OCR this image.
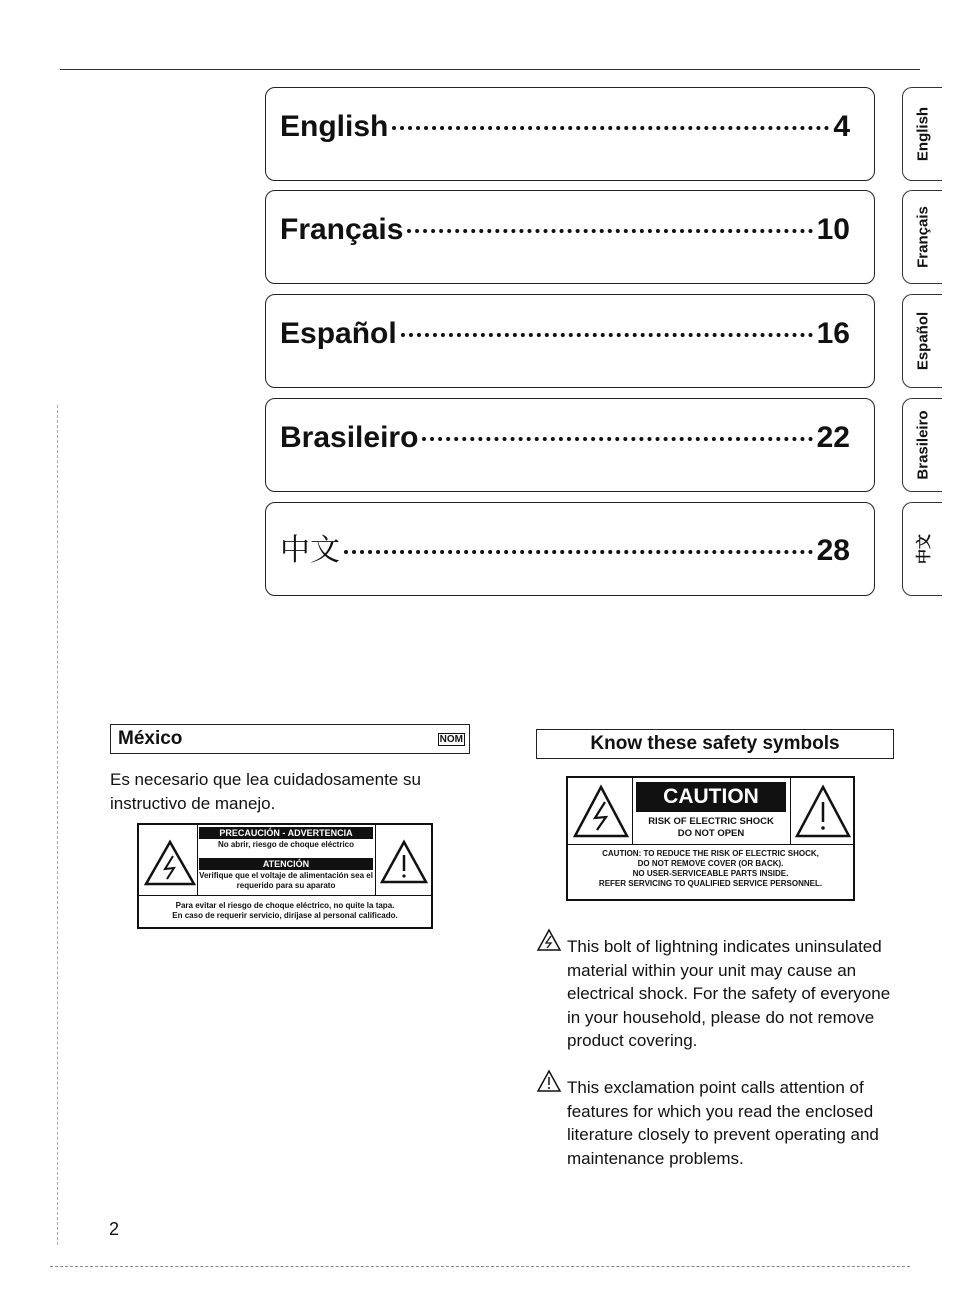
English	4
Français	10
Español	16
Brasileiro	22
中文	28
English
Français
Español
Brasileiro
中文
México	NOM
Es necesario que lea cuidadosamente su instructivo de manejo.
PRECAUCIÓN - ADVERTENCIA
No abrir, riesgo de choque eléctrico
ATENCIÓN
Verifique que el voltaje de alimentación sea el requerido para su aparato
Para evitar el riesgo de choque eléctrico, no quite la tapa.
En caso de requerir servicio, diríjase al personal calificado.
Know these safety symbols
CAUTION
RISK OF ELECTRIC SHOCK
DO NOT OPEN
CAUTION: TO REDUCE THE RISK OF ELECTRIC SHOCK,
DO NOT REMOVE COVER (OR BACK).
NO USER-SERVICEABLE PARTS INSIDE.
REFER SERVICING TO QUALIFIED SERVICE PERSONNEL.
This bolt of lightning indicates uninsulated material within your unit may cause an electrical shock. For the safety of everyone in your household, please do not remove product covering.
This exclamation point calls attention of features for which you read the enclosed literature closely to prevent operating and maintenance problems.
2
